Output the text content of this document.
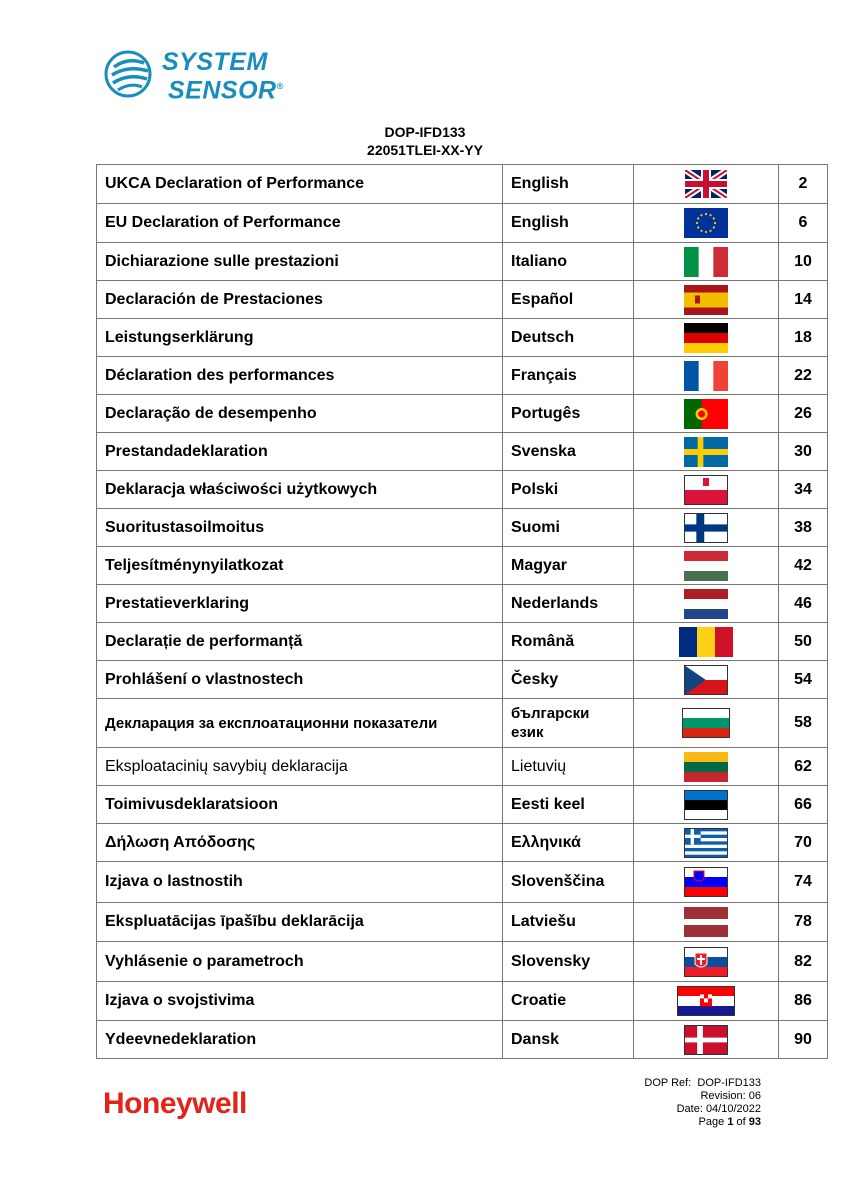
SYSTEM
SENSOR®
DOP-IFD133
22051TLEI-XX-YY
UKCA Declaration of Performance	English		2
EU Declaration of Performance	English		6
Dichiarazione sulle prestazioni	Italiano		10
Declaración de Prestaciones	Español		14
Leistungserklärung	Deutsch		18
Déclaration des performances	Français		22
Declaração de desempenho	Portugês		26
Prestandadeklaration	Svenska		30
Deklaracja właściwości użytkowych	Polski		34
Suoritustasoilmoitus	Suomi		38
Teljesítménynyilatkozat	Magyar		42
Prestatieverklaring	Nederlands		46
Declarație de performanță	Română		50
Prohlášení o vlastnostech	Česky		54
Декларация за експлоатационни показатели	български език		58
Eksploatacinių savybių deklaracija	Lietuvių		62
Toimivusdeklaratsioon	Eesti keel		66
Δήλωση Απόδοσης	Ελληνικά		70
Izjava o lastnostih	Slovenščina		74
Ekspluatācijas īpašību deklarācija	Latviešu		78
Vyhlásenie o parametroch	Slovensky		82
Izjava o svojstivima	Croatie		86
Ydeevnedeklaration	Dansk		90
Honeywell
DOP Ref: DOP-IFD133
Revision: 06
Date: 04/10/2022
Page 1 of 93
